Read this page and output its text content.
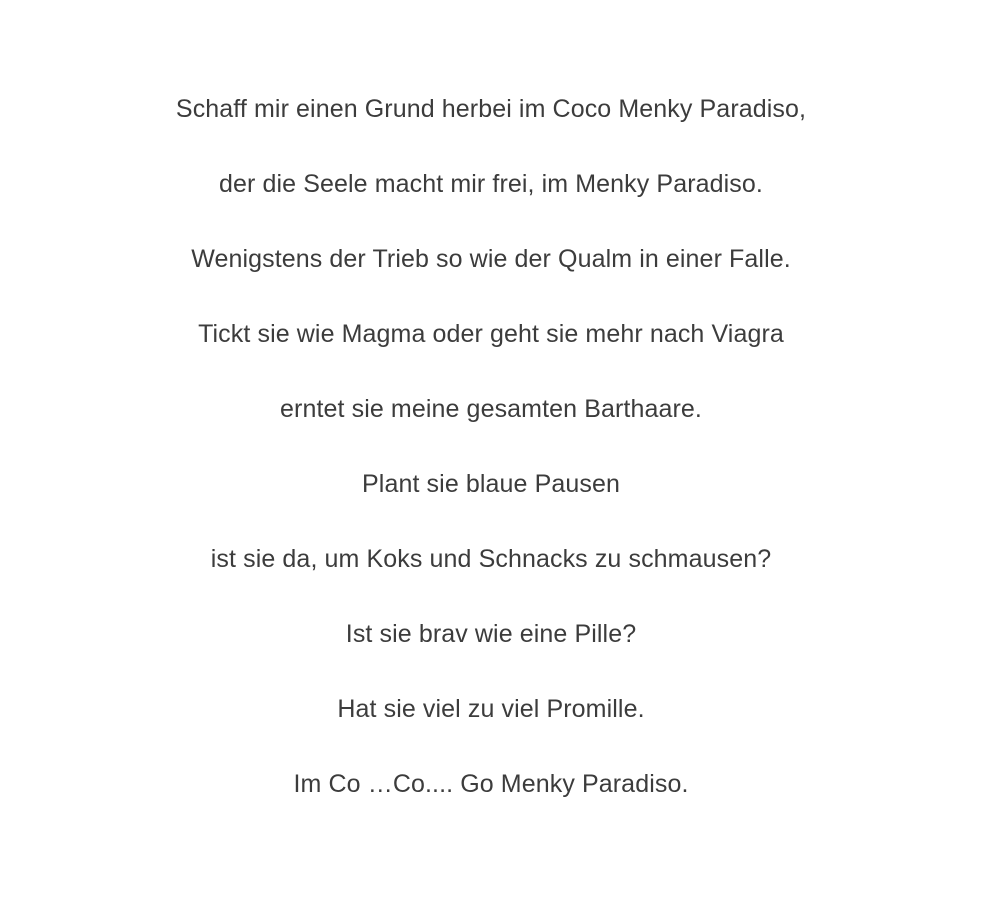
Schaff mir einen Grund herbei im Coco Menky Paradiso,
der die Seele macht mir frei, im Menky Paradiso.
Wenigstens der Trieb so wie der Qualm in einer Falle.
Tickt sie wie Magma oder geht sie mehr nach Viagra
erntet sie meine gesamten Barthaare.
Plant sie blaue Pausen
ist sie da, um Koks und Schnacks zu schmausen?
Ist sie brav wie eine Pille?
Hat sie viel zu viel Promille.
Im Co …Co.... Go Menky Paradiso.
